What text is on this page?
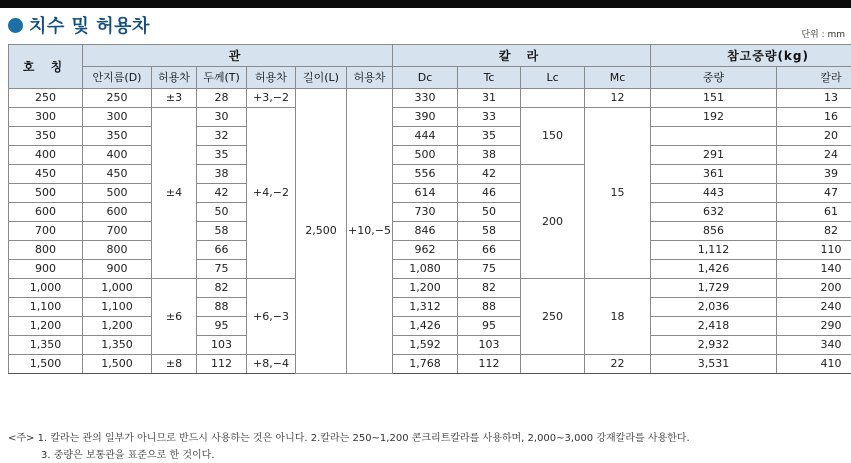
치수 및 허용차	단위 : mm
호 칭	관						칼 라				참고중량(kg)	
	안지름(D)	허용차	두께(T)	허용차	길이(L)	허용차	Dc	Tc	Lc	Mc	중량	칼라
250	250	±3	28	+3,−2	2,500	+10,−5	330	31		12	151	13
300	300	±4	30	+4,−2			390	33	150	15	192	16
350	350		32				444	35				20
400	400		35				500	38			291	24
450	450		38				556	42	200		361	39
500	500		42				614	46			443	47
600	600		50				730	50			632	61
700	700		58				846	58			856	82
800	800		66				962	66			1,112	110
900	900		75				1,080	75			1,426	140
1,000	1,000	±6	82	+6,−3			1,200	82	250	18	1,729	200
1,100	1,100		88				1,312	88			2,036	240
1,200	1,200		95				1,426	95			2,418	290
1,350	1,350		103				1,592	103			2,932	340
1,500	1,500	±8	112	+8,−4			1,768	112		22	3,531	410
<주> 1. 칼라는 관의 일부가 아니므로 반드시 사용하는 것은 아니다. 2.칼라는 250~1,200 콘크리트칼라를 사용하며, 2,000~3,000 강재칼라를 사용한다.
3. 중량은 보통관을 표준으로 한 것이다.
